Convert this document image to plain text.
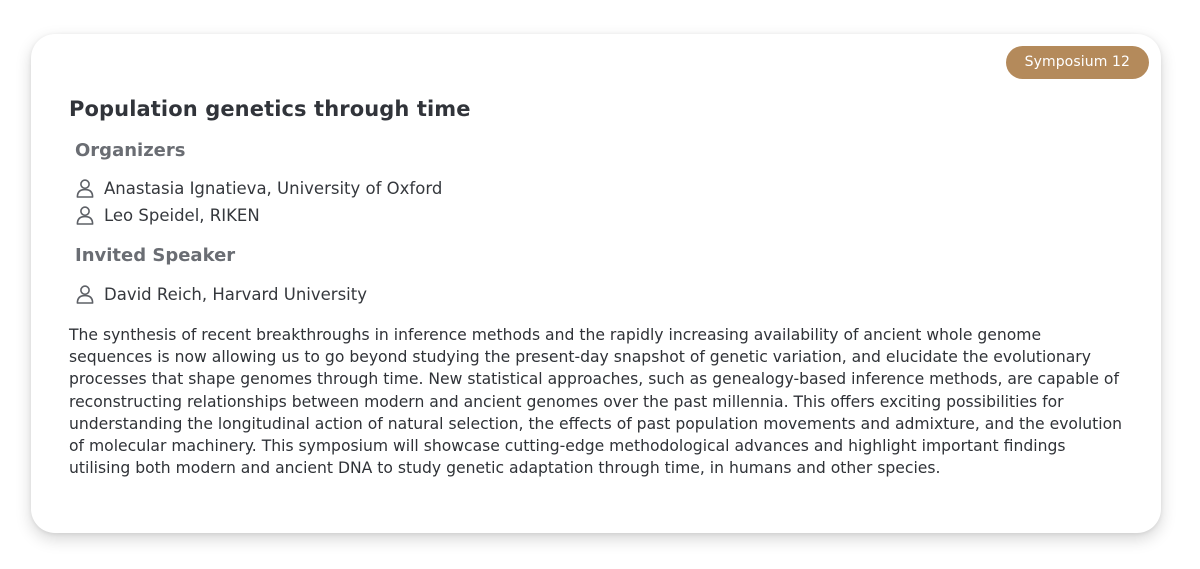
Symposium 12
Population genetics through time
Organizers
Anastasia Ignatieva, University of Oxford
Leo Speidel, RIKEN
Invited Speaker
David Reich, Harvard University

The synthesis of recent breakthroughs in inference methods and the rapidly increasing availability of ancient whole genome sequences is now allowing us to go beyond studying the present-day snapshot of genetic variation, and elucidate the evolutionary processes that shape genomes through time. New statistical approaches, such as genealogy-based inference methods, are capable of reconstructing relationships between modern and ancient genomes over the past millennia. This offers exciting possibilities for understanding the longitudinal action of natural selection, the effects of past population movements and admixture, and the evolution of molecular machinery. This symposium will showcase cutting-edge methodological advances and highlight important findings utilising both modern and ancient DNA to study genetic adaptation through time, in humans and other species.
